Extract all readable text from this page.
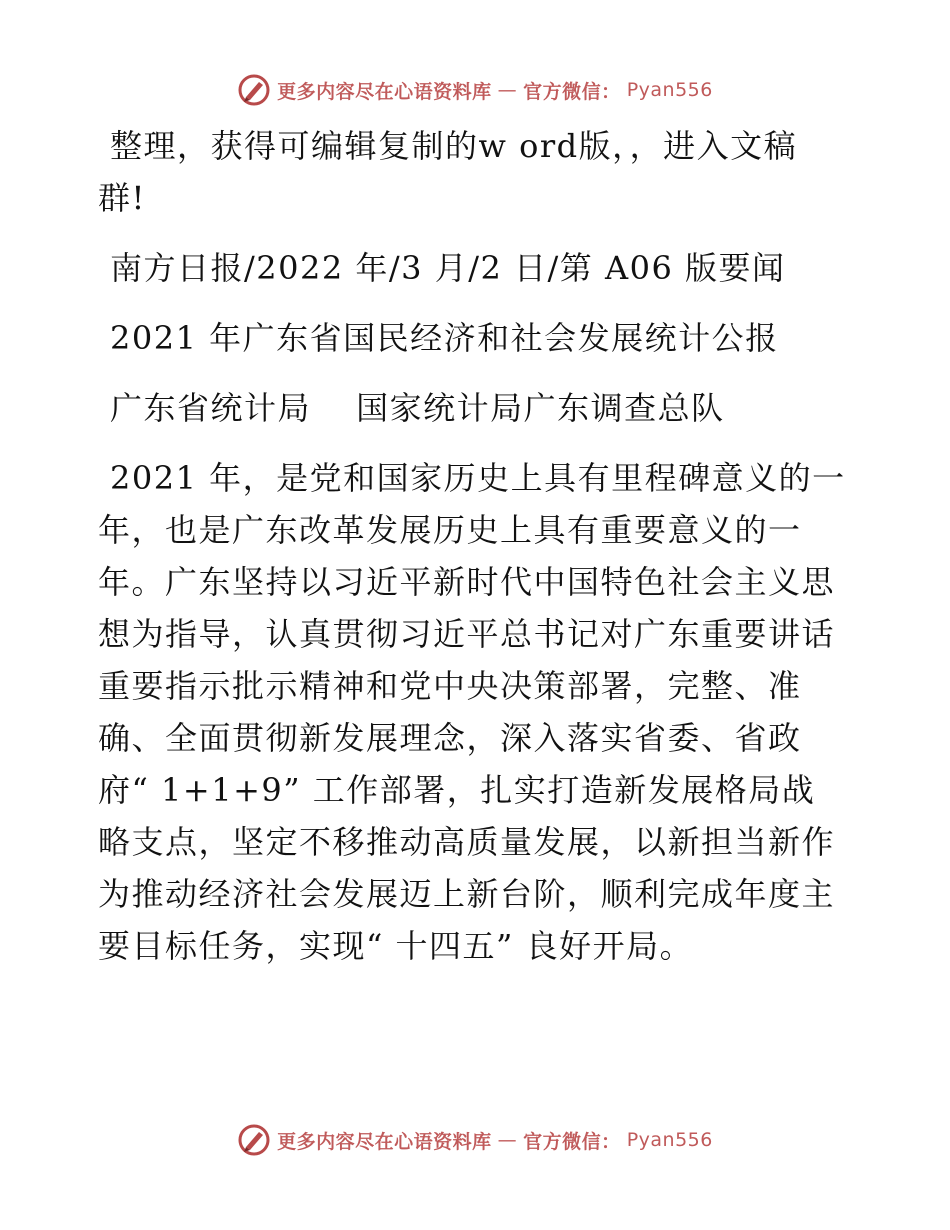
更多内容尽在心语资料库 — 官方微信： Pyan556

整理，获得可编辑复制的w ord版，，进入文稿

群!

南方日报/2022 年/3 月/2 日/第 A06 版要闻

2021 年广东省国民经济和社会发展统计公报

广东省统计局　 国家统计局广东调查总队

2021 年，是党和国家历史上具有里程碑意义的一

年，也是广东改革发展历史上具有重要意义的一

年。广东坚持以习近平新时代中国特色社会主义思

想为指导，认真贯彻习近平总书记对广东重要讲话

重要指示批示精神和党中央决策部署，完整、准

确、全面贯彻新发展理念，深入落实省委、省政

府“ 1+1+9” 工作部署，扎实打造新发展格局战

略支点，坚定不移推动高质量发展，以新担当新作

为推动经济社会发展迈上新台阶，顺利完成年度主

要目标任务，实现“ 十四五” 良好开局。

更多内容尽在心语资料库 — 官方微信： Pyan556
